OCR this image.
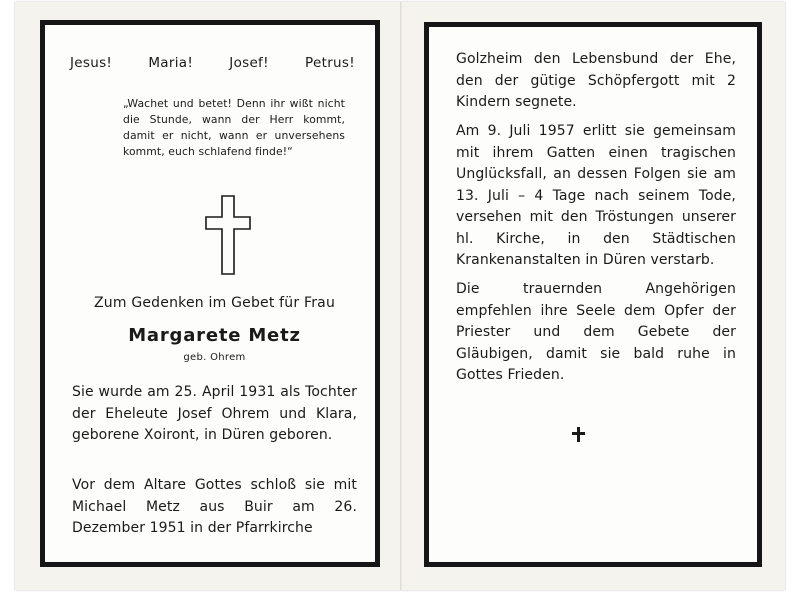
Jesus!	Maria!	Josef!	Petrus!
„Wachet und betet! Denn ihr wißt nicht die Stunde, wann der Herr kommt, damit er nicht, wann er unversehens kommt, euch schlafend finde!“
Zum Gedenken im Gebet für Frau
Margarete Metz
geb. Ohrem
Sie wurde am 25. April 1931 als Tochter der Eheleute Josef Ohrem und Klara, geborene Xoiront, in Düren geboren.
Vor dem Altare Gottes schloß sie mit Michael Metz aus Buir am 26. Dezember 1951 in der Pfarrkirche
Golzheim den Lebensbund der Ehe, den der gütige Schöpfergott mit 2 Kindern segnete.
Am 9. Juli 1957 erlitt sie gemeinsam mit ihrem Gatten einen tragischen Unglücksfall, an dessen Folgen sie am 13. Juli – 4 Tage nach seinem Tode, versehen mit den Tröstungen unserer hl. Kirche, in den Städtischen Krankenanstalten in Düren verstarb.
Die trauernden Angehörigen empfehlen ihre Seele dem Opfer der Priester und dem Gebete der Gläubigen, damit sie bald ruhe in Gottes Frieden.
